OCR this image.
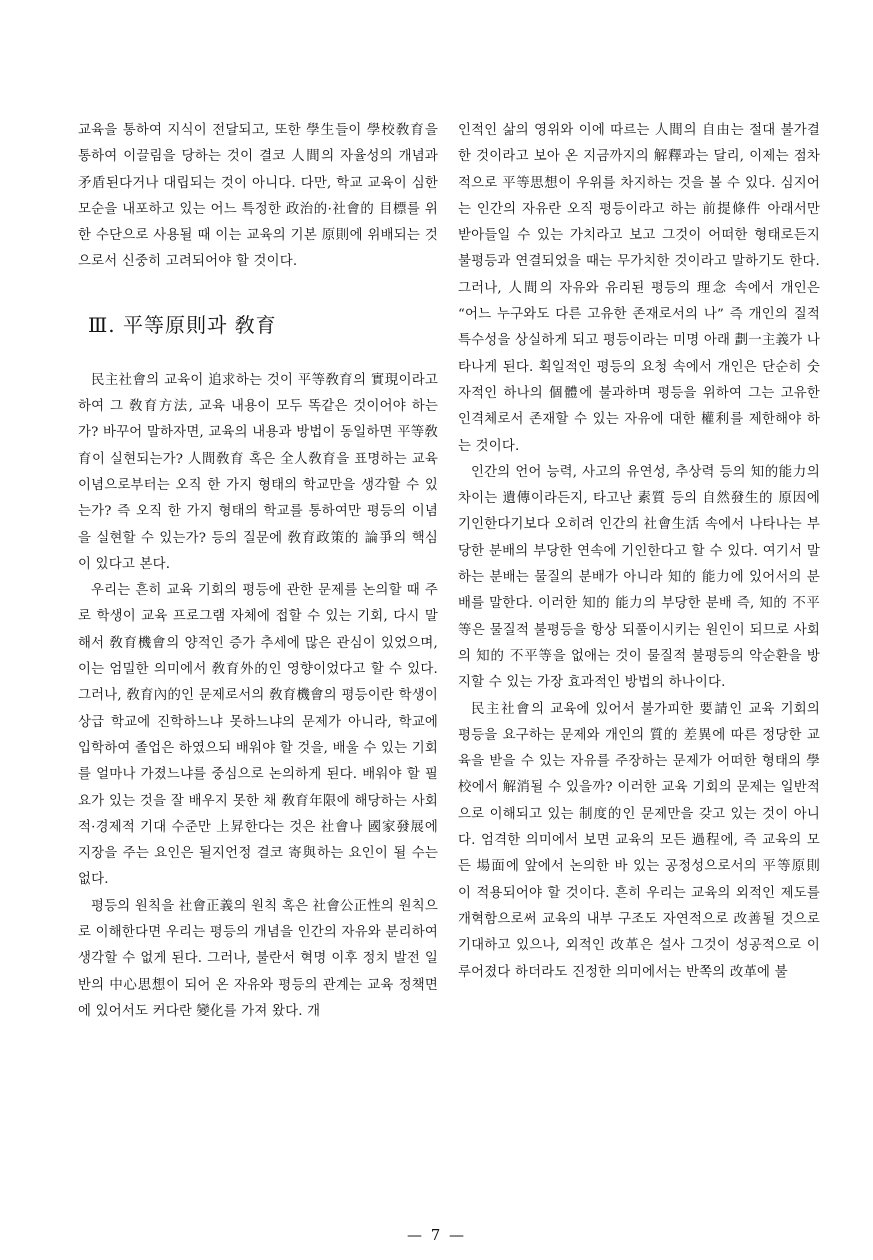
교육을 통하여 지식이 전달되고, 또한 學生들이 學校敎育을 통하여 이끌림을 당하는 것이 결코 人間의 자율성의 개념과 矛盾된다거나 대립되는 것이 아니다. 다만, 학교 교육이 심한 모순을 내포하고 있는 어느 특정한 政治的·社會的 目標를 위한 수단으로 사용될 때 이는 교육의 기본 原則에 위배되는 것으로서 신중히 고려되어야 할 것이다.

Ⅲ. 平等原則과 敎育

民主社會의 교육이 追求하는 것이 平等敎育의 實現이라고 하여 그 敎育方法, 교육 내용이 모두 똑같은 것이어야 하는가? 바꾸어 말하자면, 교육의 내용과 방법이 동일하면 平等敎育이 실현되는가? 人間敎育 혹은 全人敎育을 표명하는 교육 이념으로부터는 오직 한 가지 형태의 학교만을 생각할 수 있는가? 즉 오직 한 가지 형태의 학교를 통하여만 평등의 이념을 실현할 수 있는가? 등의 질문에 敎育政策的 論爭의 핵심이 있다고 본다.

우리는 흔히 교육 기회의 평등에 관한 문제를 논의할 때 주로 학생이 교육 프로그램 자체에 접할 수 있는 기회, 다시 말해서 敎育機會의 양적인 증가 추세에 많은 관심이 있었으며, 이는 엄밀한 의미에서 敎育外的인 영향이었다고 할 수 있다. 그러나, 敎育內的인 문제로서의 敎育機會의 평등이란 학생이 상급 학교에 진학하느냐 못하느냐의 문제가 아니라, 학교에 입학하여 졸업은 하였으되 배워야 할 것을, 배울 수 있는 기회를 얼마나 가졌느냐를 중심으로 논의하게 된다. 배워야 할 필요가 있는 것을 잘 배우지 못한 채 敎育年限에 해당하는 사회적·경제적 기대 수준만 上昇한다는 것은 社會나 國家發展에 지장을 주는 요인은 될지언정 결코 寄與하는 요인이 될 수는 없다.

평등의 원칙을 社會正義의 원칙 혹은 社會公正性의 원칙으로 이해한다면 우리는 평등의 개념을 인간의 자유와 분리하여 생각할 수 없게 된다. 그러나, 불란서 혁명 이후 정치 발전 일반의 中心思想이 되어 온 자유와 평등의 관계는 교육 정책면에 있어서도 커다란 變化를 가져 왔다. 개

인적인 삶의 영위와 이에 따르는 人間의 自由는 절대 불가결한 것이라고 보아 온 지금까지의 解釋과는 달리, 이제는 점차적으로 平等思想이 우위를 차지하는 것을 볼 수 있다. 심지어는 인간의 자유란 오직 평등이라고 하는 前提條件 아래서만 받아들일 수 있는 가치라고 보고 그것이 어떠한 형태로든지 불평등과 연결되었을 때는 무가치한 것이라고 말하기도 한다. 그러나, 人間의 자유와 유리된 평등의 理念 속에서 개인은 “어느 누구와도 다른 고유한 존재로서의 나” 즉 개인의 질적 특수성을 상실하게 되고 평등이라는 미명 아래 劃一主義가 나타나게 된다. 획일적인 평등의 요청 속에서 개인은 단순히 숫자적인 하나의 個體에 불과하며 평등을 위하여 그는 고유한 인격체로서 존재할 수 있는 자유에 대한 權利를 제한해야 하는 것이다.

인간의 언어 능력, 사고의 유연성, 추상력 등의 知的能力의 차이는 遺傳이라든지, 타고난 素質 등의 自然發生的 原因에 기인한다기보다 오히려 인간의 社會生活 속에서 나타나는 부당한 분배의 부당한 연속에 기인한다고 할 수 있다. 여기서 말하는 분배는 물질의 분배가 아니라 知的 能力에 있어서의 분배를 말한다. 이러한 知的 能力의 부당한 분배 즉, 知的 不平等은 물질적 불평등을 항상 되풀이시키는 원인이 되므로 사회의 知的 不平等을 없애는 것이 물질적 불평등의 악순환을 방지할 수 있는 가장 효과적인 방법의 하나이다.

民主社會의 교육에 있어서 불가피한 要請인 교육 기회의 평등을 요구하는 문제와 개인의 質的 差異에 따른 정당한 교육을 받을 수 있는 자유를 주장하는 문제가 어떠한 형태의 學校에서 解消될 수 있을까? 이러한 교육 기회의 문제는 일반적으로 이해되고 있는 制度的인 문제만을 갖고 있는 것이 아니다. 엄격한 의미에서 보면 교육의 모든 過程에, 즉 교육의 모든 場面에 앞에서 논의한 바 있는 공정성으로서의 平等原則이 적용되어야 할 것이다. 흔히 우리는 교육의 외적인 제도를 개혁함으로써 교육의 내부 구조도 자연적으로 改善될 것으로 기대하고 있으나, 외적인 改革은 설사 그것이 성공적으로 이루어졌다 하더라도 진정한 의미에서는 반쪽의 改革에 불

— 7 —
